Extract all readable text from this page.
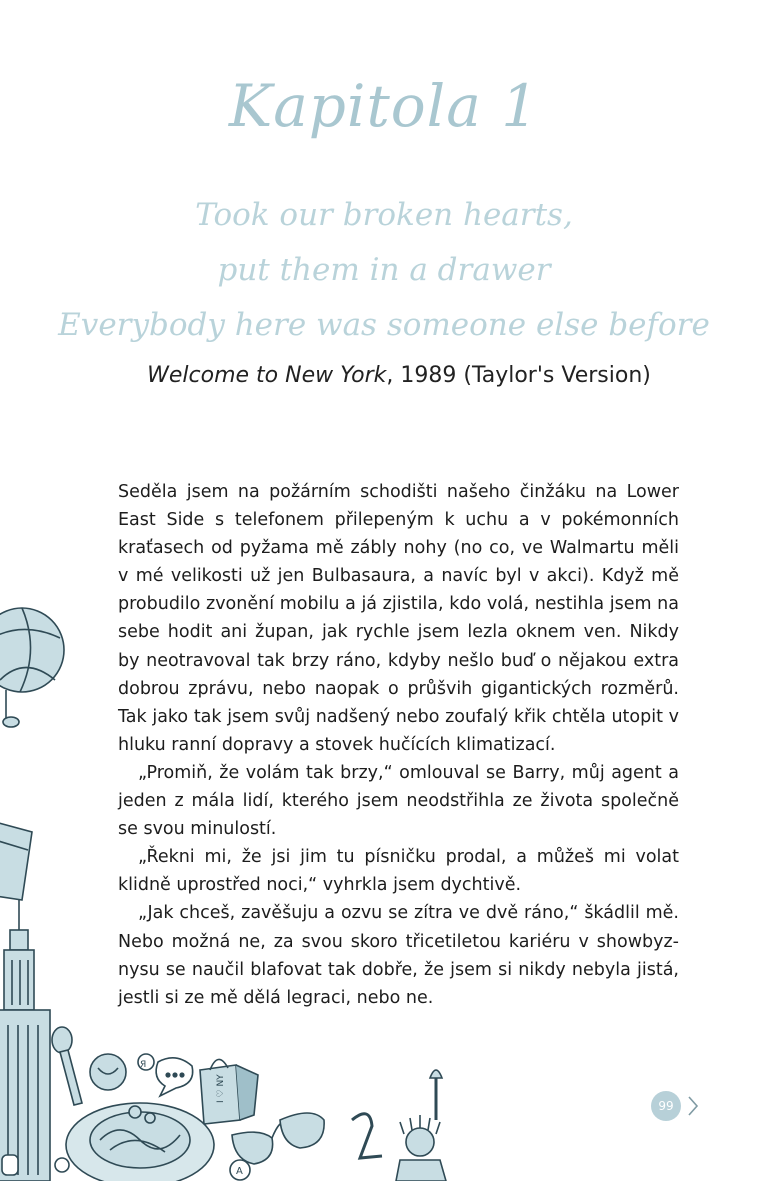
Kapitola 1
Took our broken hearts,
put them in a drawer
Everybody here was someone else before
Welcome to New York, 1989 (Taylor's Version)

Seděla jsem na požárním schodišti našeho činžáku na Lower East Side s telefonem přilepeným k uchu a v pokémonních kraťasech od pyžama mě zábly nohy (no co, ve Walmartu měli v mé velikosti už jen Bulbasaura, a navíc byl v akci). Když mě probudilo zvonění mobilu a já zjistila, kdo volá, nestihla jsem na sebe hodit ani župan, jak rychle jsem lezla oknem ven. Nikdy by neotravoval tak brzy ráno, kdyby nešlo buď o nějakou extra dobrou zprávu, nebo naopak o průšvih gigantických rozměrů. Tak jako tak jsem svůj nadšený nebo zoufalý křik chtěla utopit v hluku ranní dopravy a stovek hučících klimatizací.

„Promiň, že volám tak brzy,“ omlouval se Barry, můj agent a jeden z mála lidí, kterého jsem neodstřihla ze života společně se svou minulostí.

„Řekni mi, že jsi jim tu písničku prodal, a můžeš mi volat klidně uprostřed noci,“ vyhrkla jsem dychtivě.

„Jak chceš, zavěšuju a ozvu se zítra ve dvě ráno,“ škádlil mě. Nebo možná ne, za svou skoro třicetiletou kariéru v showbyznysu se naučil blafovat tak dobře, že jsem si nikdy nebyla jistá, jestli si ze mě dělá legraci, nebo ne.

Я
I ♡ NY
A
99
